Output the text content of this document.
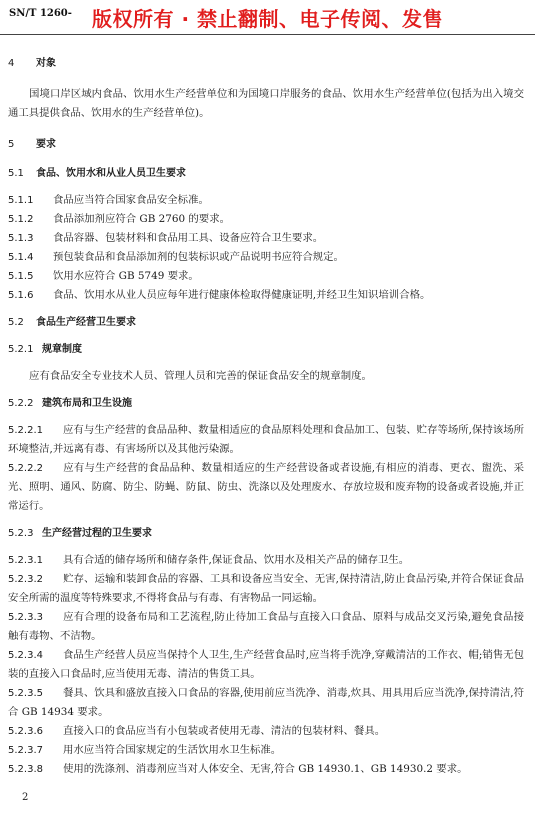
SN/T 1260- 版权所有 · 禁止翻制、电子传阅、发售
4 对象
国境口岸区域内食品、饮用水生产经营单位和为国境口岸服务的食品、饮用水生产经营单位(包括为出入境交通工具提供食品、饮用水的生产经营单位)。
5 要求
5.1 食品、饮用水和从业人员卫生要求
5.1.1 食品应当符合国家食品安全标准。
5.1.2 食品添加剂应符合 GB 2760 的要求。
5.1.3 食品容器、包装材料和食品用工具、设备应符合卫生要求。
5.1.4 预包装食品和食品添加剂的包装标识或产品说明书应符合规定。
5.1.5 饮用水应符合 GB 5749 要求。
5.1.6 食品、饮用水从业人员应每年进行健康体检取得健康证明,并经卫生知识培训合格。
5.2 食品生产经营卫生要求
5.2.1 规章制度
应有食品安全专业技术人员、管理人员和完善的保证食品安全的规章制度。
5.2.2 建筑布局和卫生设施
5.2.2.1 应有与生产经营的食品品种、数量相适应的食品原料处理和食品加工、包装、贮存等场所,保持该场所环境整洁,并远离有毒、有害场所以及其他污染源。
5.2.2.2 应有与生产经营的食品品种、数量相适应的生产经营设备或者设施,有相应的消毒、更衣、盥洗、采光、照明、通风、防腐、防尘、防蝇、防鼠、防虫、洗涤以及处理废水、存放垃圾和废弃物的设备或者设施,并正常运行。
5.2.3 生产经营过程的卫生要求
5.2.3.1 具有合适的储存场所和储存条件,保证食品、饮用水及相关产品的储存卫生。
5.2.3.2 贮存、运输和装卸食品的容器、工具和设备应当安全、无害,保持清洁,防止食品污染,并符合保证食品安全所需的温度等特殊要求,不得将食品与有毒、有害物品一同运输。
5.2.3.3 应有合理的设备布局和工艺流程,防止待加工食品与直接入口食品、原料与成品交叉污染,避免食品接触有毒物、不洁物。
5.2.3.4 食品生产经营人员应当保持个人卫生,生产经营食品时,应当将手洗净,穿戴清洁的工作衣、帽;销售无包装的直接入口食品时,应当使用无毒、清洁的售货工具。
5.2.3.5 餐具、饮具和盛放直接入口食品的容器,使用前应当洗净、消毒,炊具、用具用后应当洗净,保持清洁,符合 GB 14934 要求。
5.2.3.6 直接入口的食品应当有小包装或者使用无毒、清洁的包装材料、餐具。
5.2.3.7 用水应当符合国家规定的生活饮用水卫生标准。
5.2.3.8 使用的洗涤剂、消毒剂应当对人体安全、无害,符合 GB 14930.1、GB 14930.2 要求。
2
